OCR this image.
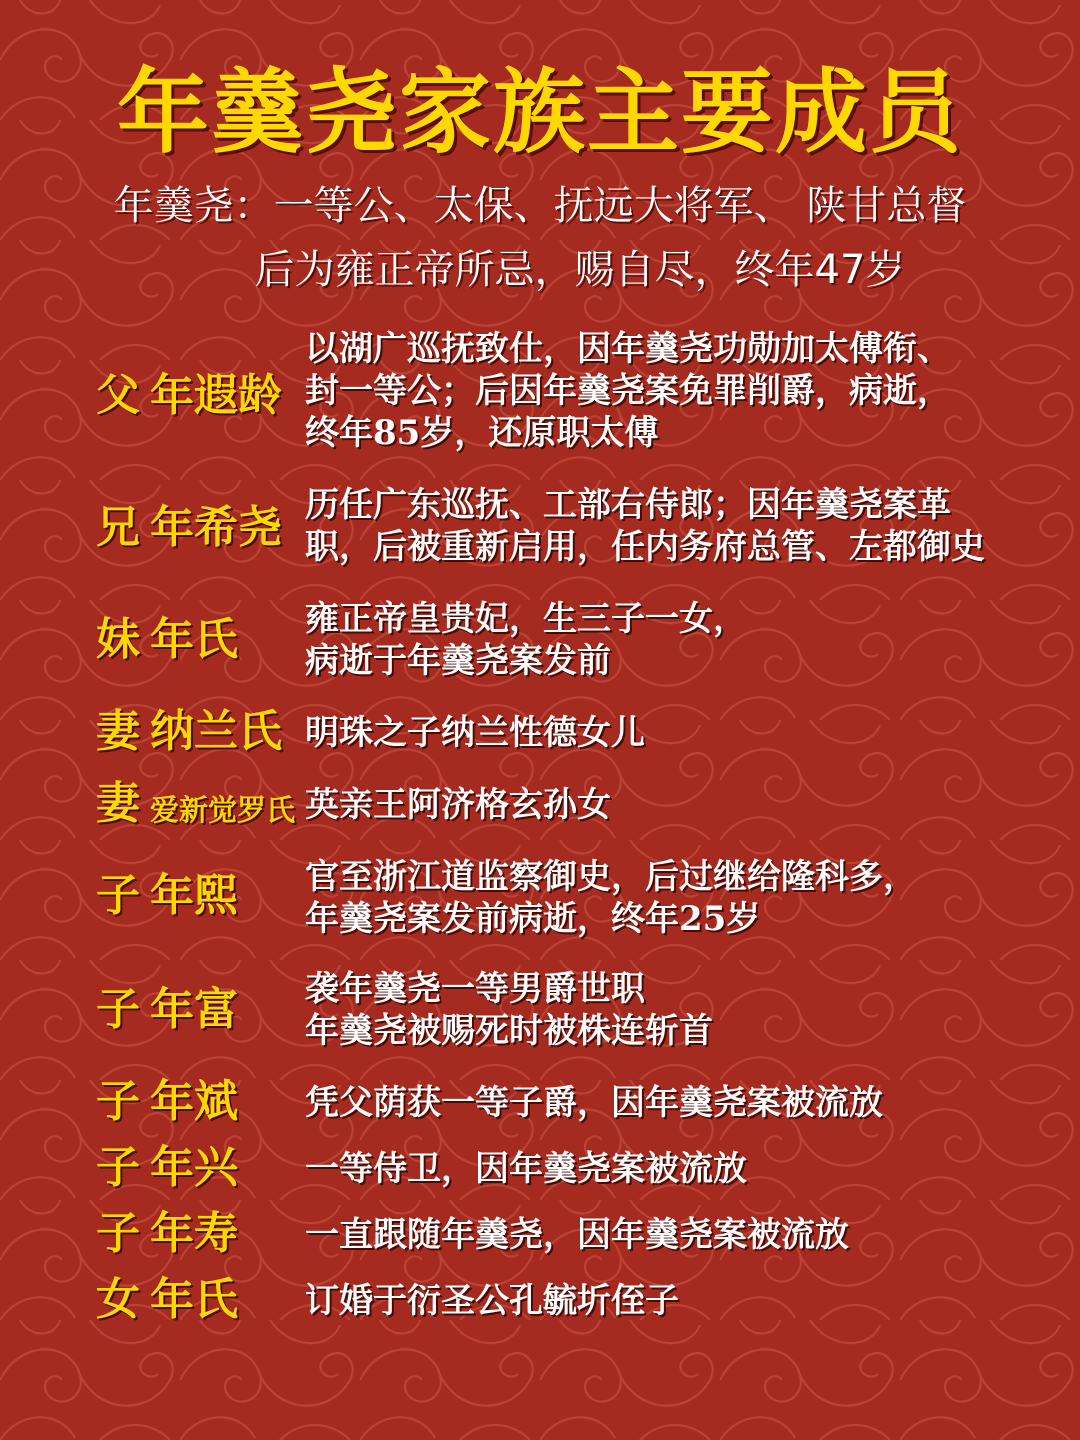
年羹尧家族主要成员
年羹尧：一等公、太保、抚远大将军、 陕甘总督
后为雍正帝所忌，赐自尽，终年47岁
父 年遐龄
以湖广巡抚致仕，因年羹尧功勋加太傅衔、
封一等公；后因年羹尧案免罪削爵，病逝，
终年85岁，还原职太傅
兄 年希尧 历任广东巡抚、工部右侍郎；因年羹尧案革
职，后被重新启用，任内务府总管、左都御史
妹 年氏 雍正帝皇贵妃，生三子一女，
病逝于年羹尧案发前
妻 纳兰氏 明珠之子纳兰性德女儿
妻 爱新觉罗氏 英亲王阿济格玄孙女
子 年熙 官至浙江道监察御史，后过继给隆科多，
年羹尧案发前病逝，终年25岁
子 年富 袭年羹尧一等男爵世职
年羹尧被赐死时被株连斩首
子 年斌 凭父荫获一等子爵，因年羹尧案被流放
子 年兴 一等侍卫，因年羹尧案被流放
子 年寿 一直跟随年羹尧，因年羹尧案被流放
女 年氏 订婚于衍圣公孔毓圻侄子
